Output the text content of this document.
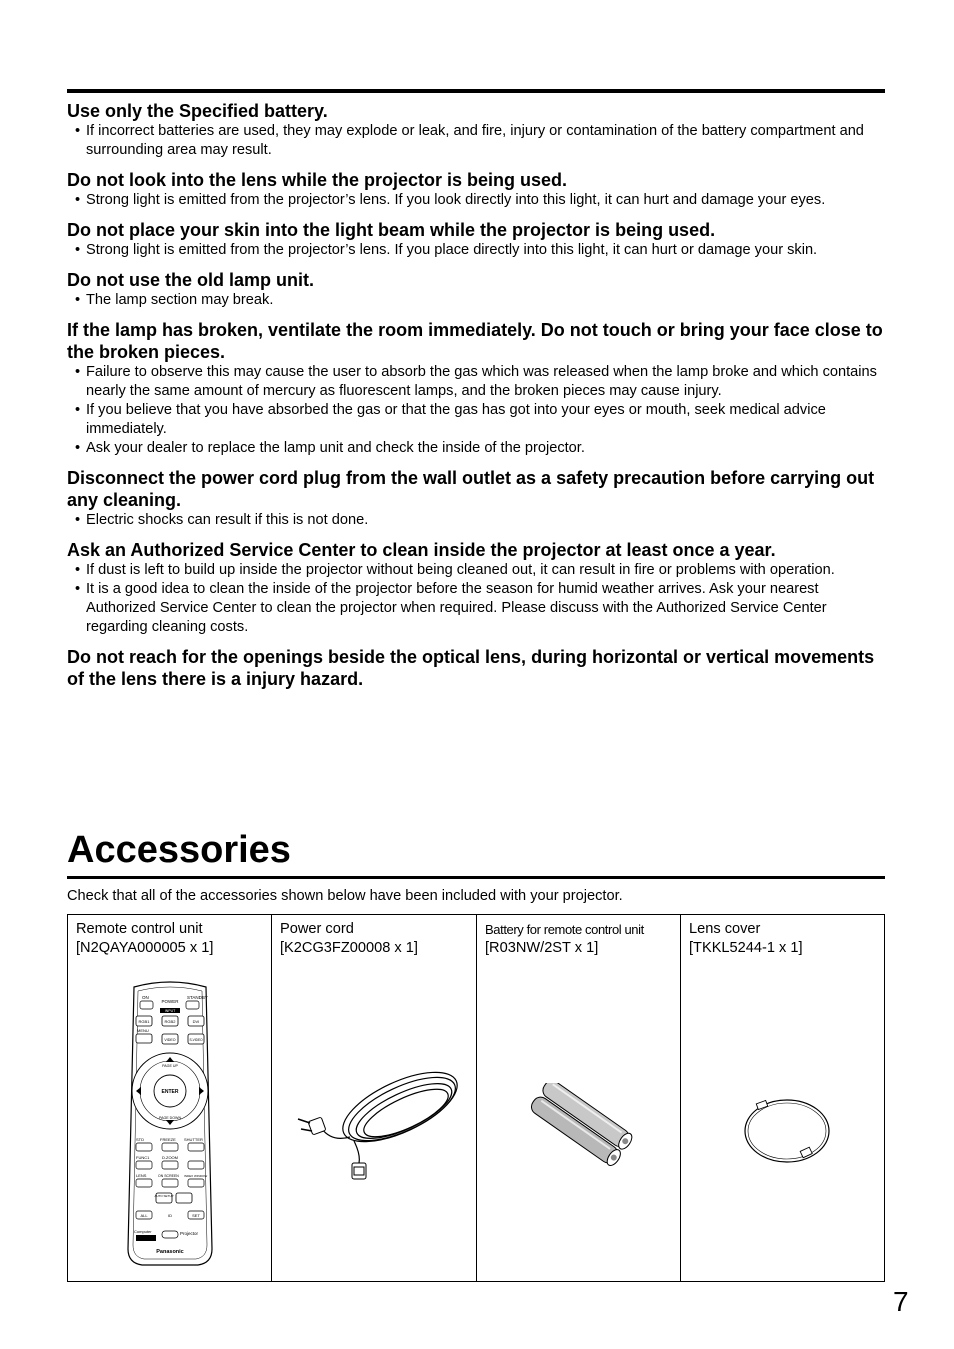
Use only the Specified battery.
• If incorrect batteries are used, they may explode or leak, and fire, injury or contamination of the battery compartment and surrounding area may result.
Do not look into the lens while the projector is being used.
• Strong light is emitted from the projector’s lens. If you look directly into this light, it can hurt and damage your eyes.
Do not place your skin into the light beam while the projector is being used.
• Strong light is emitted from the projector’s lens. If you place directly into this light, it can hurt or damage your skin.
Do not use the old lamp unit.
• The lamp section may break.
If the lamp has broken, ventilate the room immediately. Do not touch or bring your face close to the broken pieces.
• Failure to observe this may cause the user to absorb the gas which was released when the lamp broke and which contains nearly the same amount of mercury as fluorescent lamps, and the broken pieces may cause injury.
• If you believe that you have absorbed the gas or that the gas has got into your eyes or mouth, seek medical advice immediately.
• Ask your dealer to replace the lamp unit and check the inside of the projector.
Disconnect the power cord plug from the wall outlet as a safety precaution before carrying out any cleaning.
• Electric shocks can result if this is not done.
Ask an Authorized Service Center to clean inside the projector at least once a year.
• If dust is left to build up inside the projector without being cleaned out, it can result in fire or problems with operation.
• It is a good idea to clean the inside of the projector before the season for humid weather arrives. Ask your nearest Authorized Service Center to clean the projector when required. Please discuss with the Authorized Service Center regarding cleaning costs.
Do not reach for the openings beside the optical lens, during horizontal or vertical movements of the lens there is a injury hazard.
Accessories
Check that all of the accessories shown below have been included with your projector.
Remote control unit
[N2QAYA000005 x 1]
ON
POWER
STANDBY
INPUT
RGB1	RGB2	DVI
MENU
VIDEO	S-VIDEO
ENTER
PAGE UP
PAGE DOWN
STD	FREEZE SHUTTER
FUNC1	D.ZOOM
LENS	ON SCREEN INDEX WINDOW
AUTO SETUP
ALL	ID	SET
Computer	Projector
Panasonic
Power cord
[K2CG3FZ00008 x 1]
Battery for remote control unit
[R03NW/2ST x 1]
Lens cover
[TKKL5244-1 x 1]
7
